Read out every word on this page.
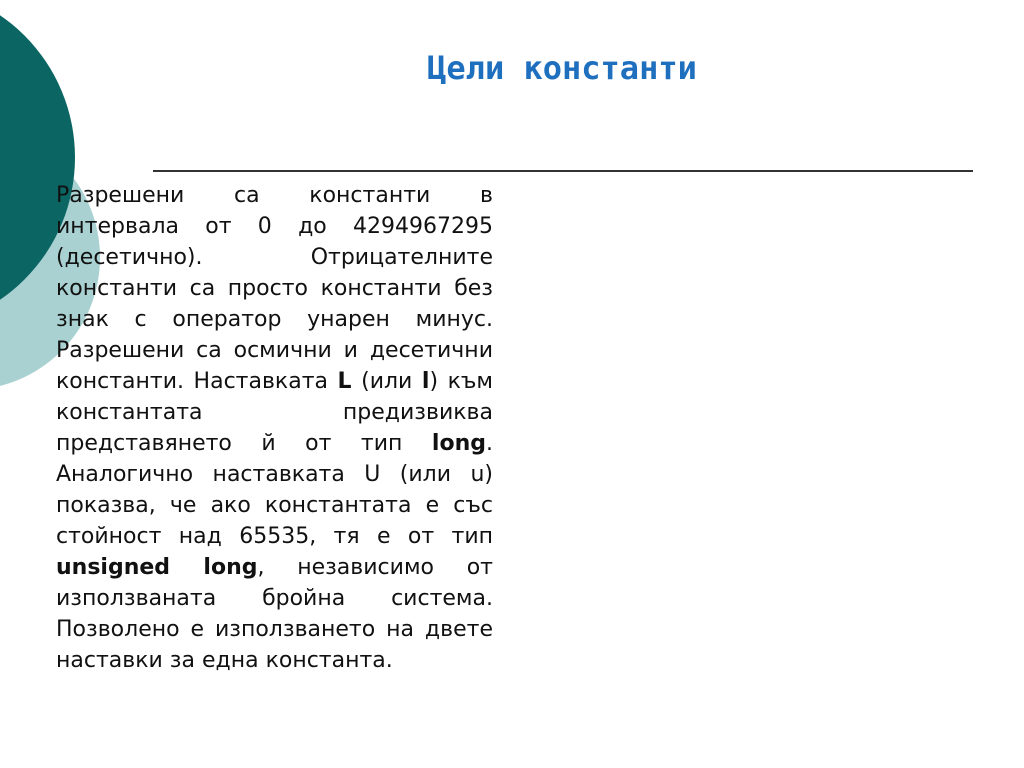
Цели константи

Разрешени са константи в интервала от 0 до 4294967295 (десетично). Отрицателните константи са просто константи без знак с оператор унарен минус. Разрешени са осмични и десетични константи. Наставката L (или l) към константата предизвиква представянето й от тип long. Аналогично наставката U (или u) показва, че ако константата е със стойност над 65535, тя е от тип unsigned long, независимо от използваната бройна система. Позволено е използването на двете наставки за една константа.
